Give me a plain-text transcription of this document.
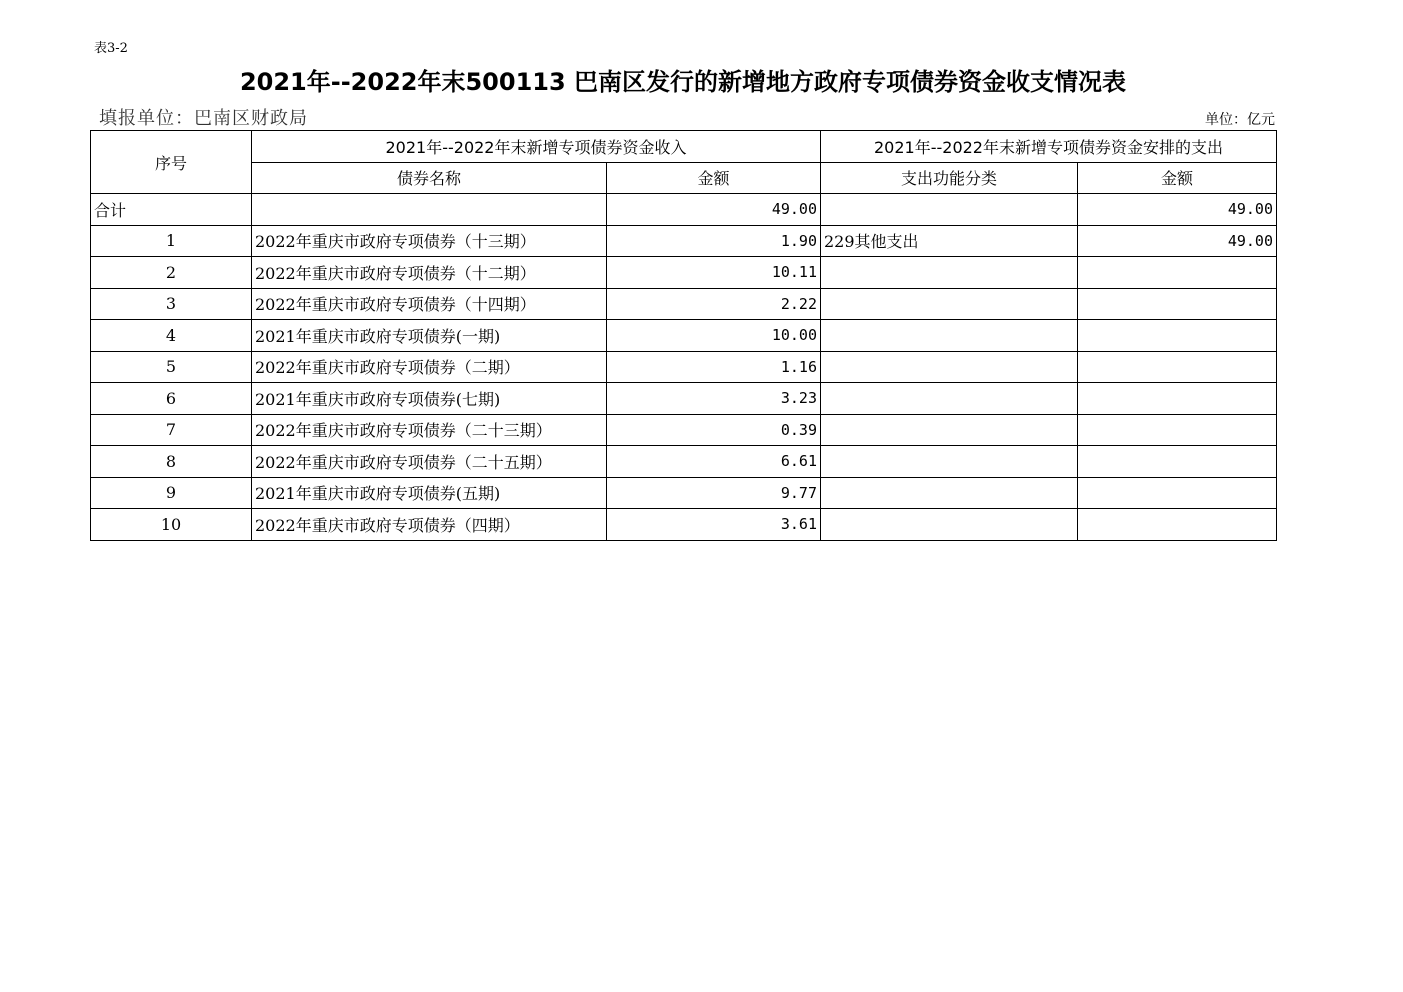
表3-2
2021年--2022年末500113 巴南区发行的新增地方政府专项债券资金收支情况表
填报单位：巴南区财政局	单位：亿元
序号	2021年--2022年末新增专项债券资金收入		2021年--2022年末新增专项债券资金安排的支出	
	债券名称	金额	支出功能分类	金额
合计		49.00		49.00
1	2022年重庆市政府专项债券（十三期）	1.90	229其他支出	49.00
2	2022年重庆市政府专项债券（十二期）	10.11		
3	2022年重庆市政府专项债券（十四期）	2.22		
4	2021年重庆市政府专项债券(一期)	10.00		
5	2022年重庆市政府专项债券（二期）	1.16		
6	2021年重庆市政府专项债券(七期)	3.23		
7	2022年重庆市政府专项债券（二十三期）	0.39		
8	2022年重庆市政府专项债券（二十五期）	6.61		
9	2021年重庆市政府专项债券(五期)	9.77		
10	2022年重庆市政府专项债券（四期）	3.61		
